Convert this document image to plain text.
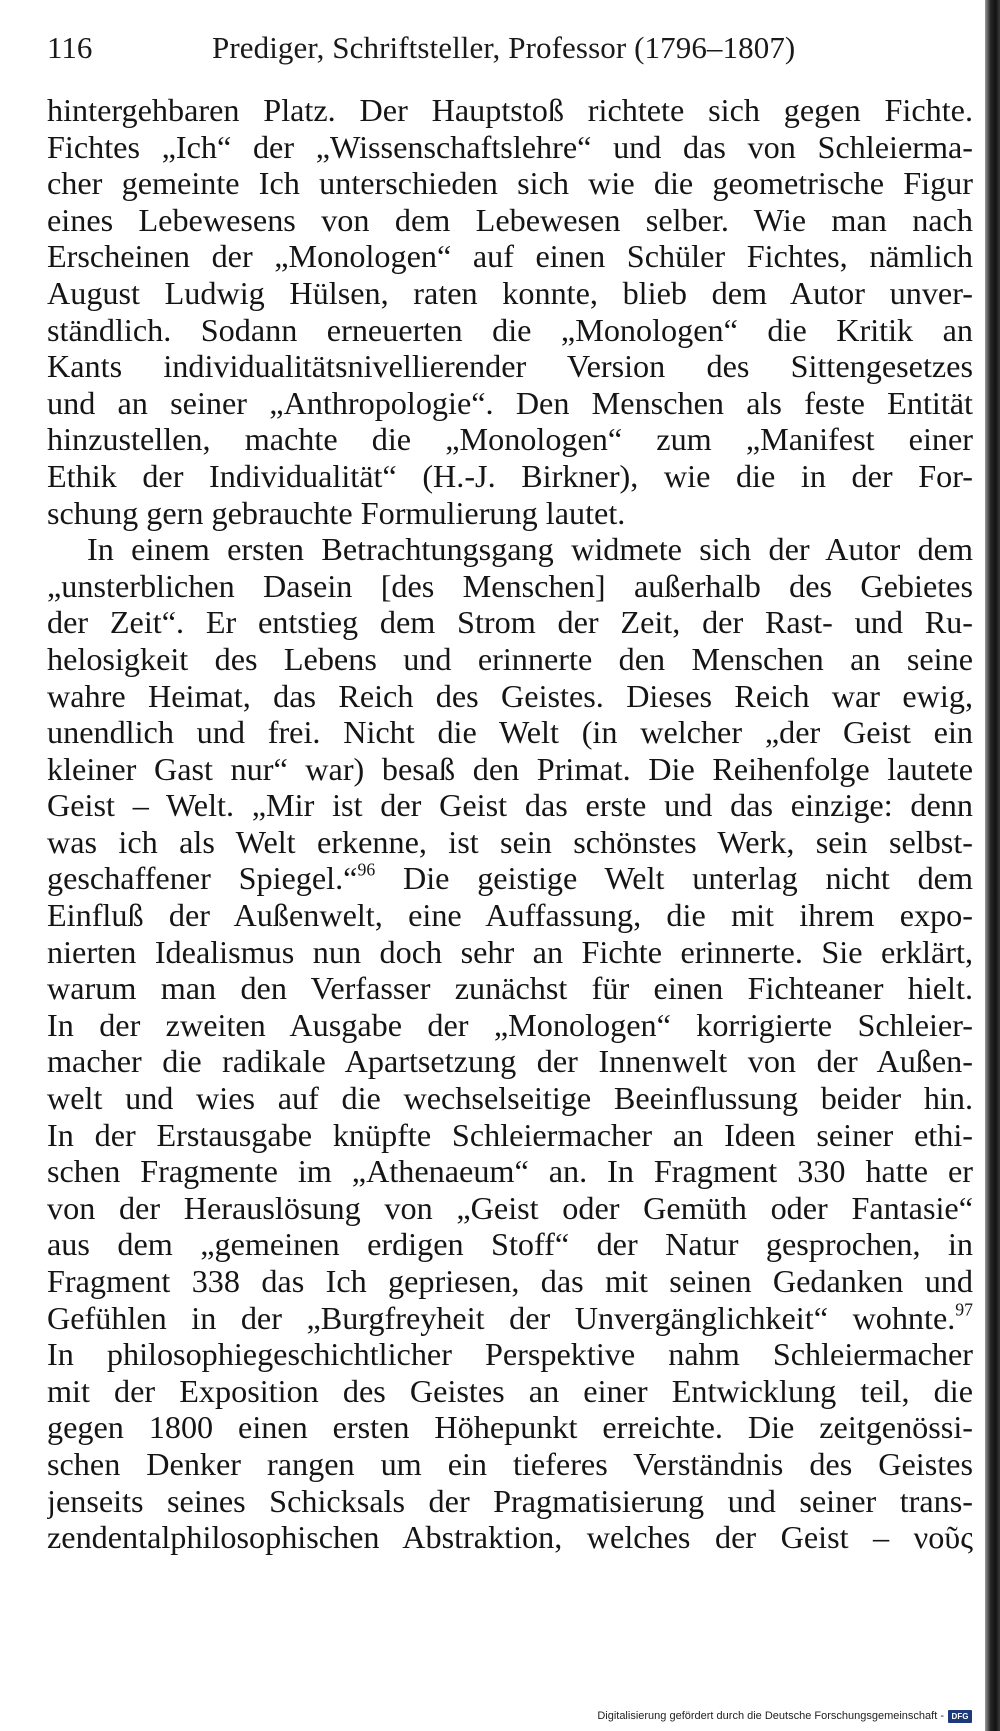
116	Prediger, Schriftsteller, Professor (1796–1807)
hintergehbaren Platz. Der Hauptstoß richtete sich gegen Fichte.
Fichtes „Ich“ der „Wissenschaftslehre“ und das von Schleierma-
cher gemeinte Ich unterschieden sich wie die geometrische Figur
eines Lebewesens von dem Lebewesen selber. Wie man nach
Erscheinen der „Monologen“ auf einen Schüler Fichtes, nämlich
August Ludwig Hülsen, raten konnte, blieb dem Autor unver-
ständlich. Sodann erneuerten die „Monologen“ die Kritik an
Kants individualitätsnivellierender Version des Sittengesetzes
und an seiner „Anthropologie“. Den Menschen als feste Entität
hinzustellen, machte die „Monologen“ zum „Manifest einer
Ethik der Individualität“ (H.-J. Birkner), wie die in der For-
schung gern gebrauchte Formulierung lautet.
In einem ersten Betrachtungsgang widmete sich der Autor dem
„unsterblichen Dasein [des Menschen] außerhalb des Gebietes
der Zeit“. Er entstieg dem Strom der Zeit, der Rast- und Ru-
helosigkeit des Lebens und erinnerte den Menschen an seine
wahre Heimat, das Reich des Geistes. Dieses Reich war ewig,
unendlich und frei. Nicht die Welt (in welcher „der Geist ein
kleiner Gast nur“ war) besaß den Primat. Die Reihenfolge lautete
Geist – Welt. „Mir ist der Geist das erste und das einzige: denn
was ich als Welt erkenne, ist sein schönstes Werk, sein selbst-
geschaffener Spiegel.“$^{96}$ Die geistige Welt unterlag nicht dem
Einfluß der Außenwelt, eine Auffassung, die mit ihrem expo-
nierten Idealismus nun doch sehr an Fichte erinnerte. Sie erklärt,
warum man den Verfasser zunächst für einen Fichteaner hielt.
In der zweiten Ausgabe der „Monologen“ korrigierte Schleier-
macher die radikale Apartsetzung der Innenwelt von der Außen-
welt und wies auf die wechselseitige Beeinflussung beider hin.
In der Erstausgabe knüpfte Schleiermacher an Ideen seiner ethi-
schen Fragmente im „Athenaeum“ an. In Fragment 330 hatte er
von der Herauslösung von „Geist oder Gemüth oder Fantasie“
aus dem „gemeinen erdigen Stoff“ der Natur gesprochen, in
Fragment 338 das Ich gepriesen, das mit seinen Gedanken und
Gefühlen in der „Burgfreyheit der Unvergänglichkeit“ wohnte.$^{97}$
In philosophiegeschichtlicher Perspektive nahm Schleiermacher
mit der Exposition des Geistes an einer Entwicklung teil, die
gegen 1800 einen ersten Höhepunkt erreichte. Die zeitgenössi-
schen Denker rangen um ein tieferes Verständnis des Geistes
jenseits seines Schicksals der Pragmatisierung und seiner trans-
zendentalphilosophischen Abstraktion, welches der Geist – νοῦς
Digitalisierung gefördert durch die Deutsche Forschungsgemeinschaft - DFG
